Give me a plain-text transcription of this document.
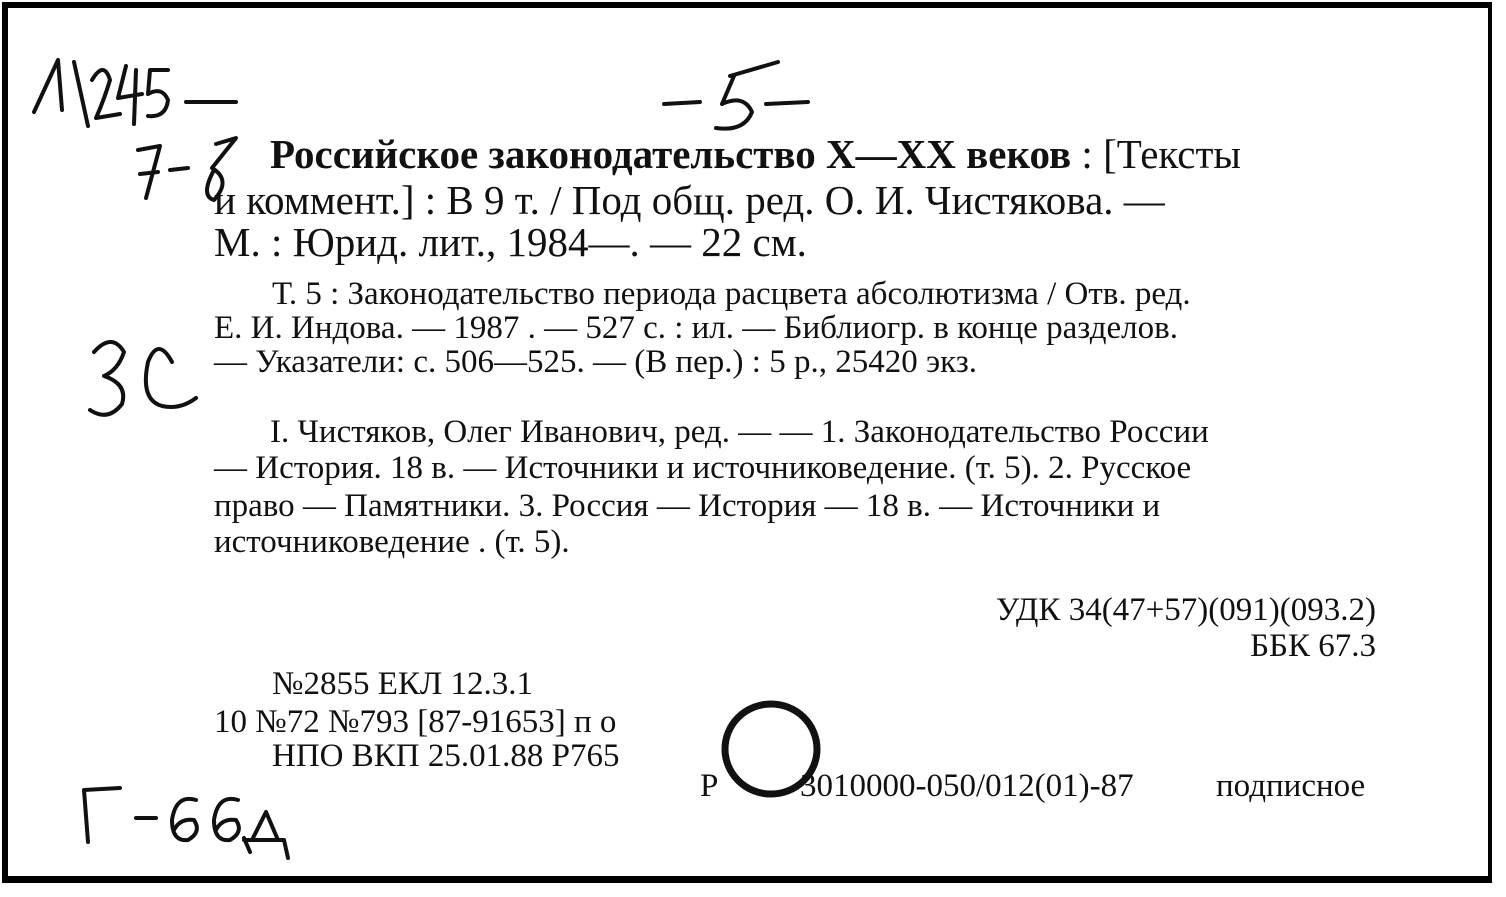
Российское законодательство X—XX веков : [Тексты
и коммент.] : В 9 т. / Под общ. ред. О. И. Чистякова. —
М. : Юрид. лит., 1984—. — 22 см.
Т. 5 : Законодательство периода расцвета абсолютизма / Отв. ред.
Е. И. Индова. — 1987 . — 527 с. : ил. — Библиогр. в конце разделов.
— Указатели: с. 506—525. — (В пер.) : 5 р., 25420 экз.
I. Чистяков, Олег Иванович, ред. — — 1. Законодательство России
— История. 18 в. — Источники и источниковедение. (т. 5). 2. Русское
право — Памятники. 3. Россия — История — 18 в. — Источники и
источниковедение . (т. 5).
УДК 34(47+57)(091)(093.2)
ББК 67.3
№2855 ЕКЛ 12.3.1
10 №72 №793 [87-91653] п о
НПО ВКП 25.01.88 Р765
Р 3010000-050/012(01)-87 подписное
